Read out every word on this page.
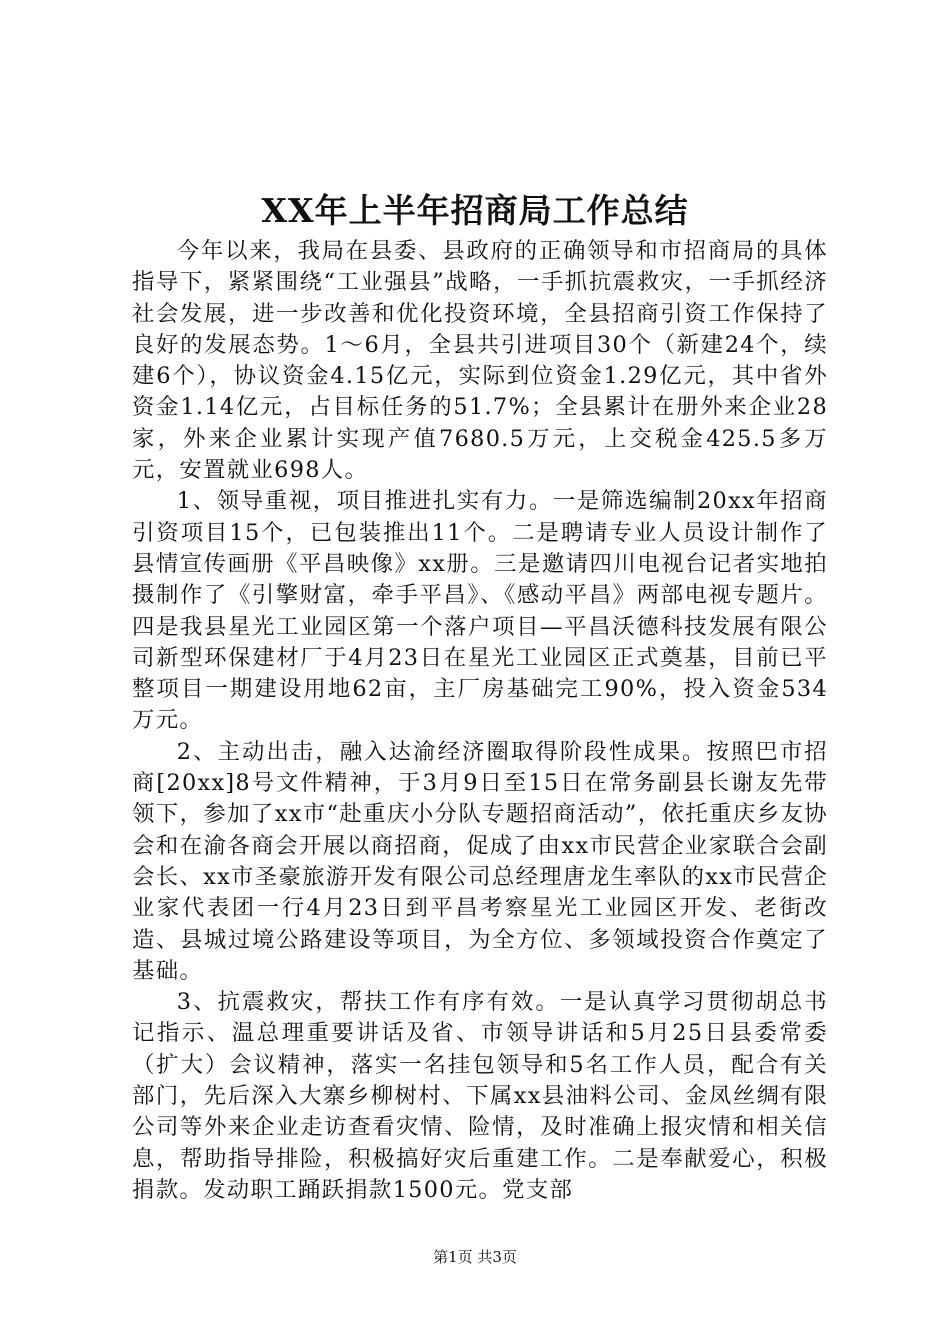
XX年上半年招商局工作总结

今年以来，我局在县委、县政府的正确领导和市招商局的具体指导下，紧紧围绕“工业强县”战略，一手抓抗震救灾，一手抓经济社会发展，进一步改善和优化投资环境，全县招商引资工作保持了良好的发展态势。1～6月，全县共引进项目30个（新建24个，续建6个），协议资金4.15亿元，实际到位资金1.29亿元，其中省外资金1.14亿元，占目标任务的51.7%；全县累计在册外来企业28家，外来企业累计实现产值7680.5万元，上交税金425.5多万元，安置就业698人。

1、领导重视，项目推进扎实有力。一是筛选编制20xx年招商引资项目15个，已包装推出11个。二是聘请专业人员设计制作了县情宣传画册《平昌映像》xx册。三是邀请四川电视台记者实地拍摄制作了《引擎财富，牵手平昌》、《感动平昌》两部电视专题片。四是我县星光工业园区第一个落户项目—平昌沃德科技发展有限公司新型环保建材厂于4月23日在星光工业园区正式奠基，目前已平整项目一期建设用地62亩，主厂房基础完工90%，投入资金534万元。

2、主动出击，融入达渝经济圈取得阶段性成果。按照巴市招商[20xx]8号文件精神，于3月9日至15日在常务副县长谢友先带领下，参加了xx市“赴重庆小分队专题招商活动”，依托重庆乡友协会和在渝各商会开展以商招商，促成了由xx市民营企业家联合会副会长、xx市圣豪旅游开发有限公司总经理唐龙生率队的xx市民营企业家代表团一行4月23日到平昌考察星光工业园区开发、老街改造、县城过境公路建设等项目，为全方位、多领域投资合作奠定了基础。

3、抗震救灾，帮扶工作有序有效。一是认真学习贯彻胡总书记指示、温总理重要讲话及省、市领导讲话和5月25日县委常委（扩大）会议精神，落实一名挂包领导和5名工作人员，配合有关部门，先后深入大寨乡柳树村、下属xx县油料公司、金凤丝绸有限公司等外来企业走访查看灾情、险情，及时准确上报灾情和相关信息，帮助指导排险，积极搞好灾后重建工作。二是奉献爱心，积极捐款。发动职工踊跃捐款1500元。党支部

第1页 共3页
